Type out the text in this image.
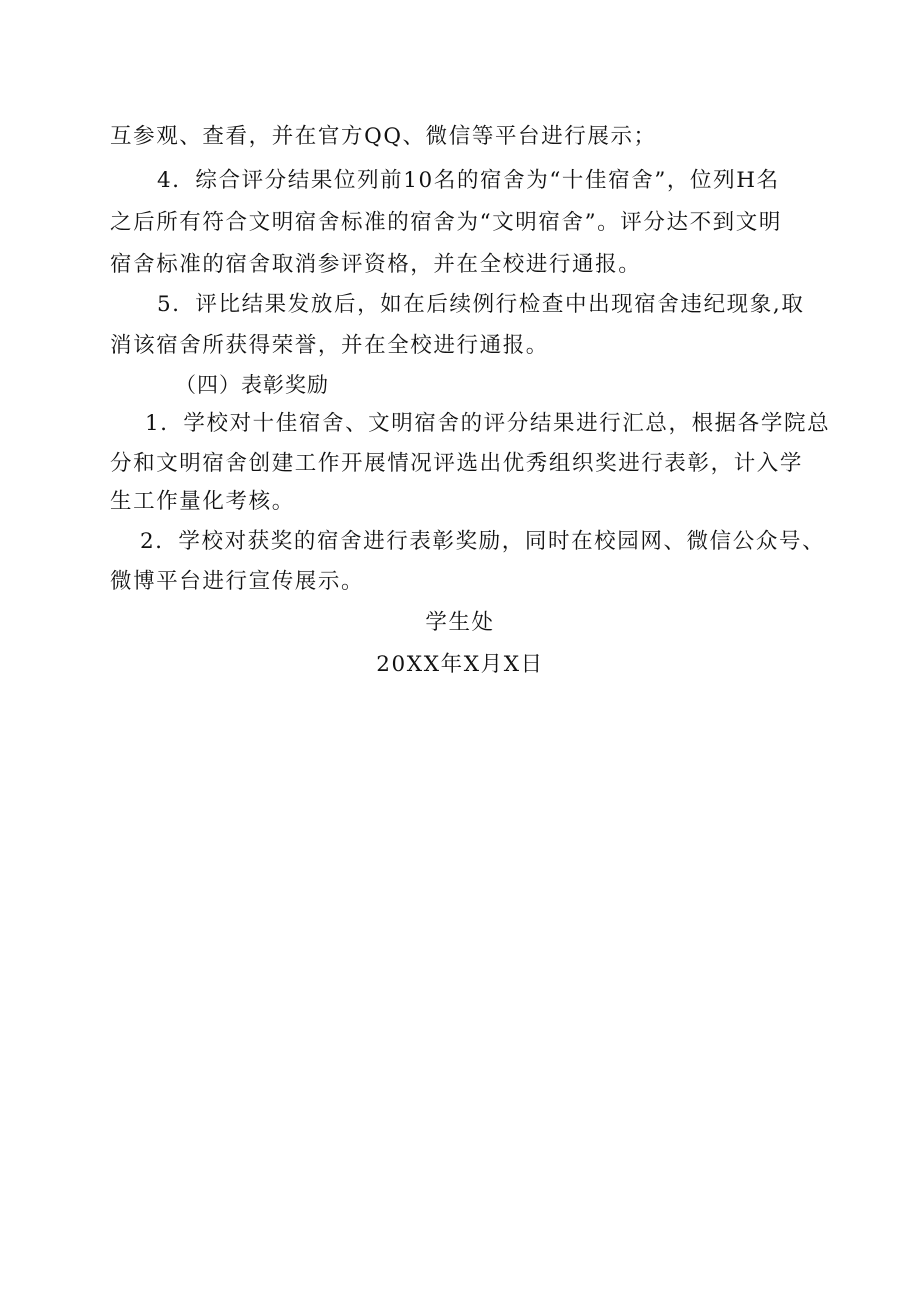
互参观、查看，并在官方QQ、微信等平台进行展示；
4．综合评分结果位列前10名的宿舍为“十佳宿舍”，位列H名
之后所有符合文明宿舍标准的宿舍为“文明宿舍”。评分达不到文明
宿舍标准的宿舍取消参评资格，并在全校进行通报。
5．评比结果发放后，如在后续例行检查中出现宿舍违纪现象,取
消该宿舍所获得荣誉，并在全校进行通报。
（四）表彰奖励
1．学校对十佳宿舍、文明宿舍的评分结果进行汇总，根据各学院总
分和文明宿舍创建工作开展情况评选出优秀组织奖进行表彰，计入学
生工作量化考核。
2．学校对获奖的宿舍进行表彰奖励，同时在校园网、微信公众号、
微博平台进行宣传展示。
学生处
20XX年X月X日
